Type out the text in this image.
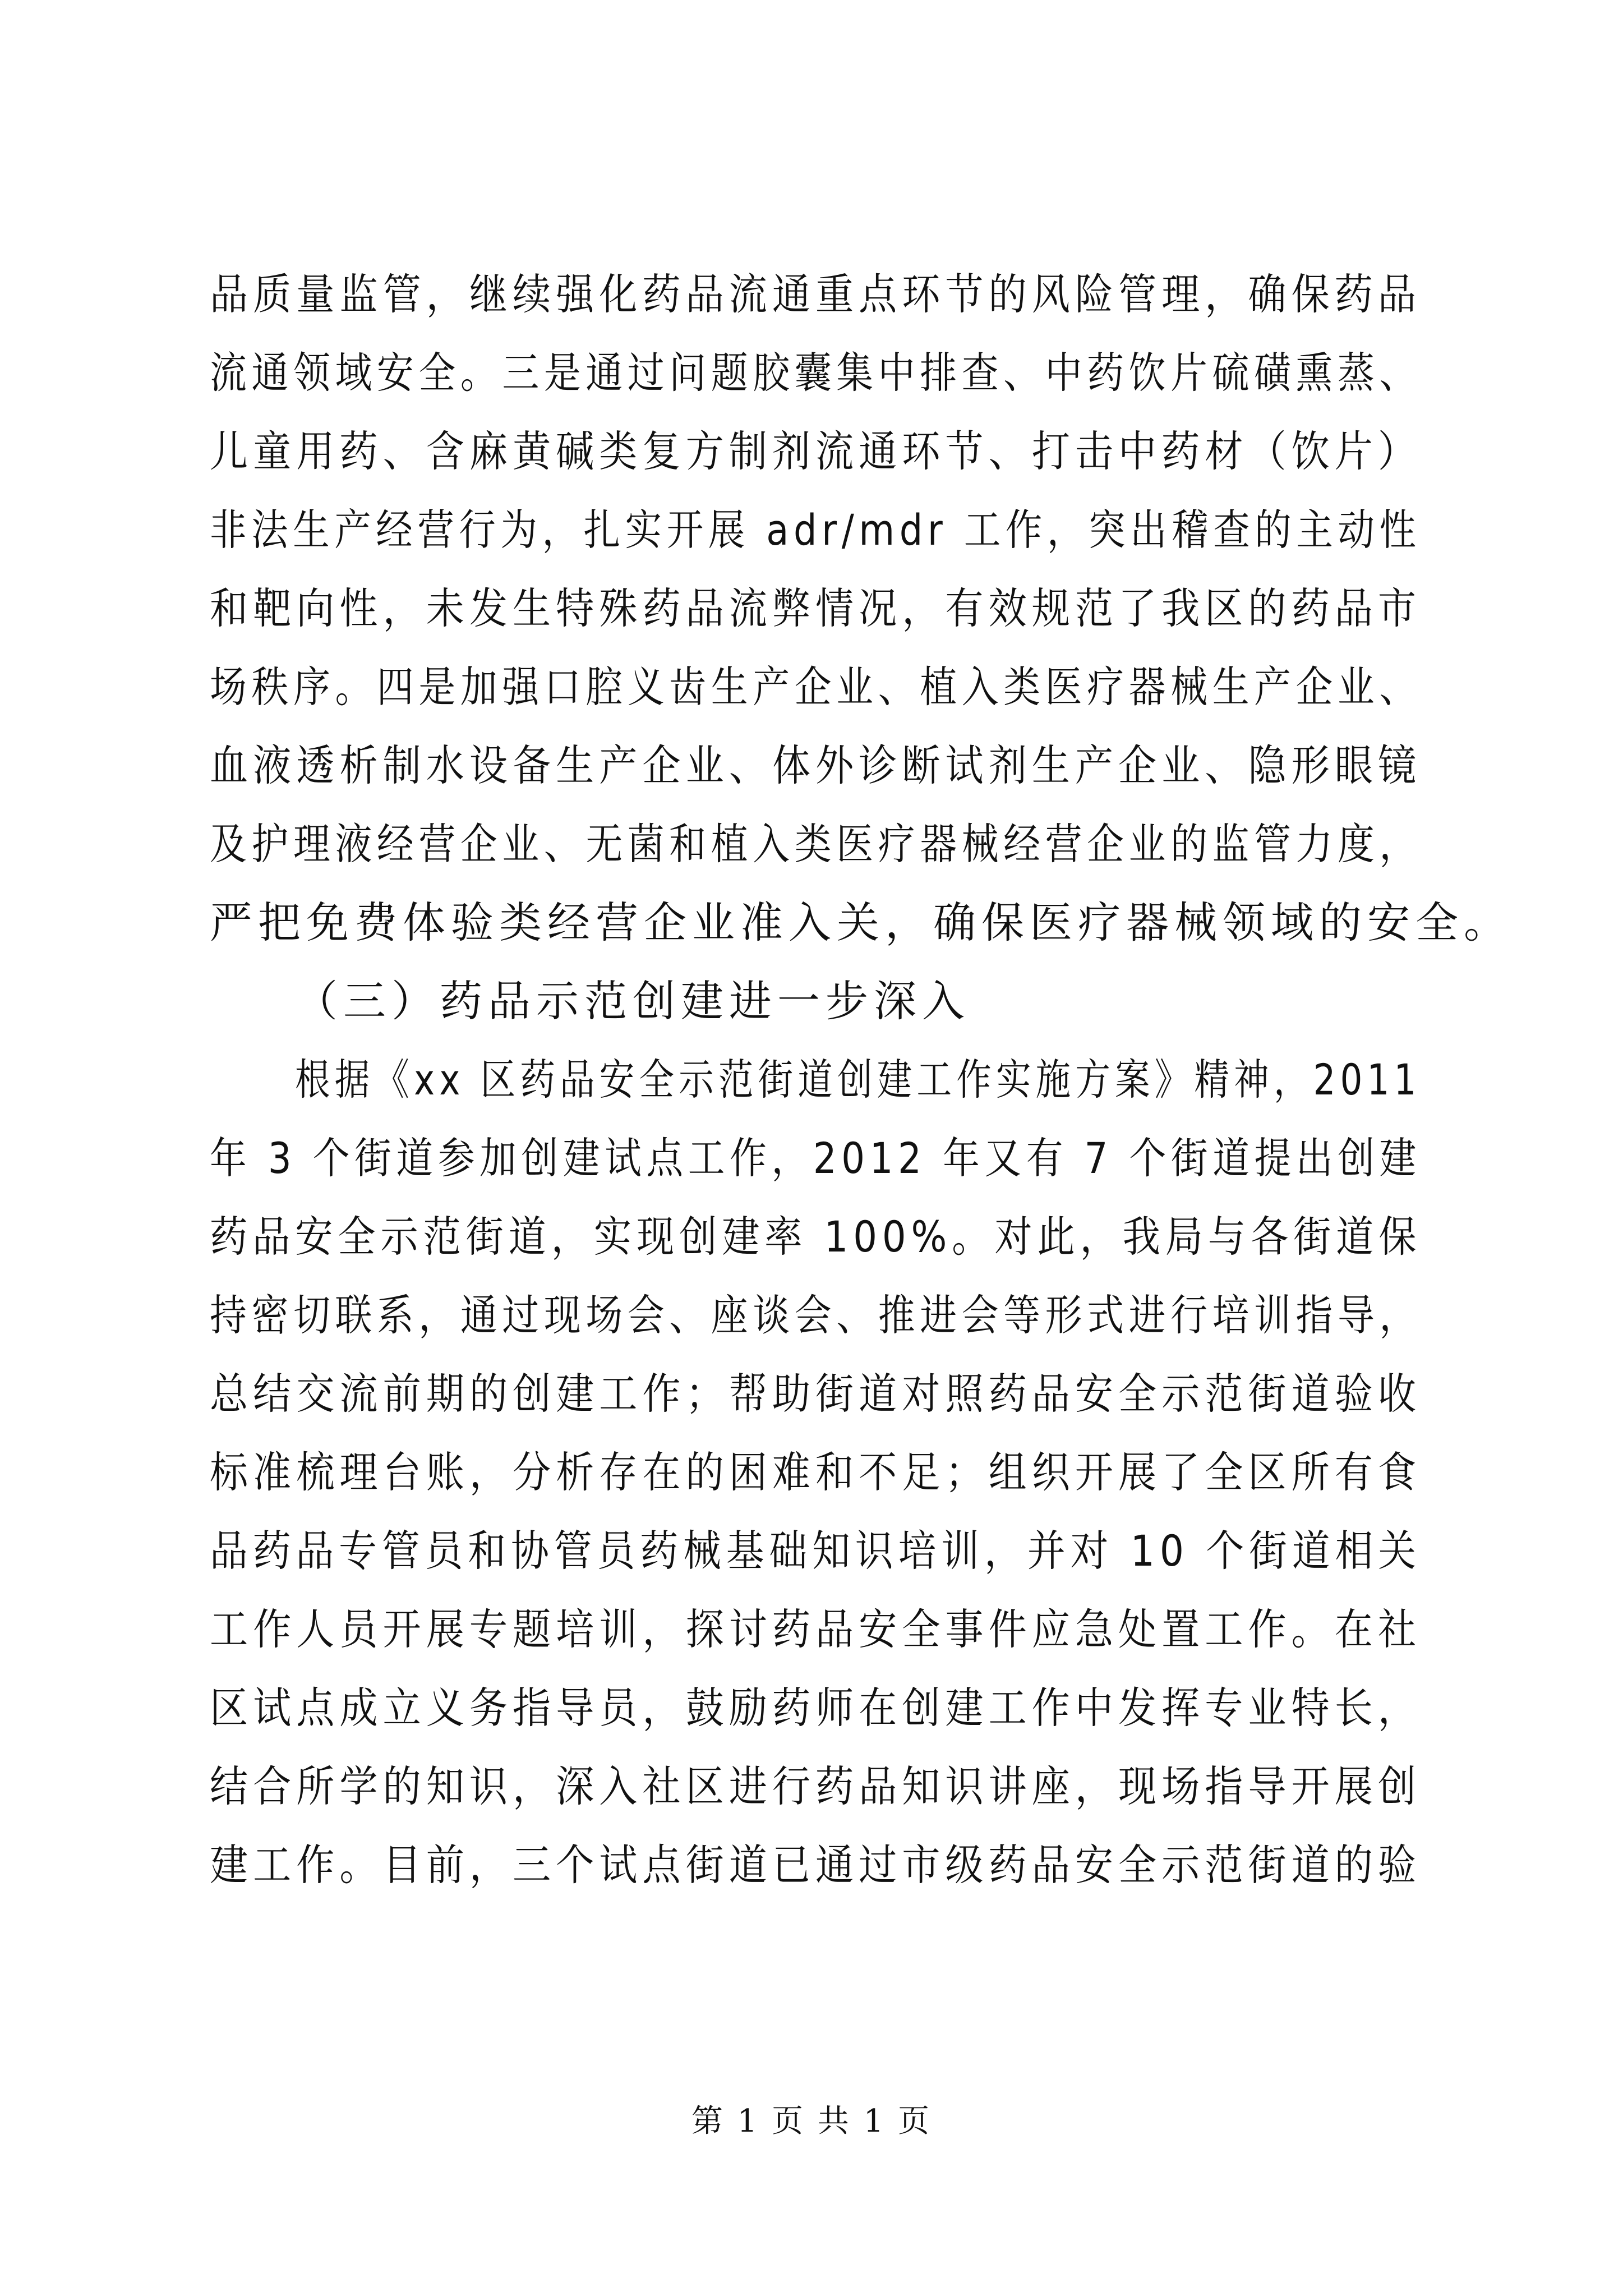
品质量监管，继续强化药品流通重点环节的风险管理，确保药品
流通领域安全。三是通过问题胶囊集中排查、中药饮片硫磺熏蒸、
儿童用药、含麻黄碱类复方制剂流通环节、打击中药材（饮片）
非法生产经营行为，扎实开展 adr/mdr 工作，突出稽查的主动性
和靶向性，未发生特殊药品流弊情况，有效规范了我区的药品市
场秩序。四是加强口腔义齿生产企业、植入类医疗器械生产企业、
血液透析制水设备生产企业、体外诊断试剂生产企业、隐形眼镜
及护理液经营企业、无菌和植入类医疗器械经营企业的监管力度，
严把免费体验类经营企业准入关，确保医疗器械领域的安全。
（三）药品示范创建进一步深入
根据《xx 区药品安全示范街道创建工作实施方案》精神，2011
年 3 个街道参加创建试点工作，2012 年又有 7 个街道提出创建
药品安全示范街道，实现创建率 100%。对此，我局与各街道保
持密切联系，通过现场会、座谈会、推进会等形式进行培训指导，
总结交流前期的创建工作；帮助街道对照药品安全示范街道验收
标准梳理台账，分析存在的困难和不足；组织开展了全区所有食
品药品专管员和协管员药械基础知识培训，并对 10 个街道相关
工作人员开展专题培训，探讨药品安全事件应急处置工作。在社
区试点成立义务指导员，鼓励药师在创建工作中发挥专业特长，
结合所学的知识，深入社区进行药品知识讲座，现场指导开展创
建工作。目前，三个试点街道已通过市级药品安全示范街道的验
第 1 页 共 1 页
